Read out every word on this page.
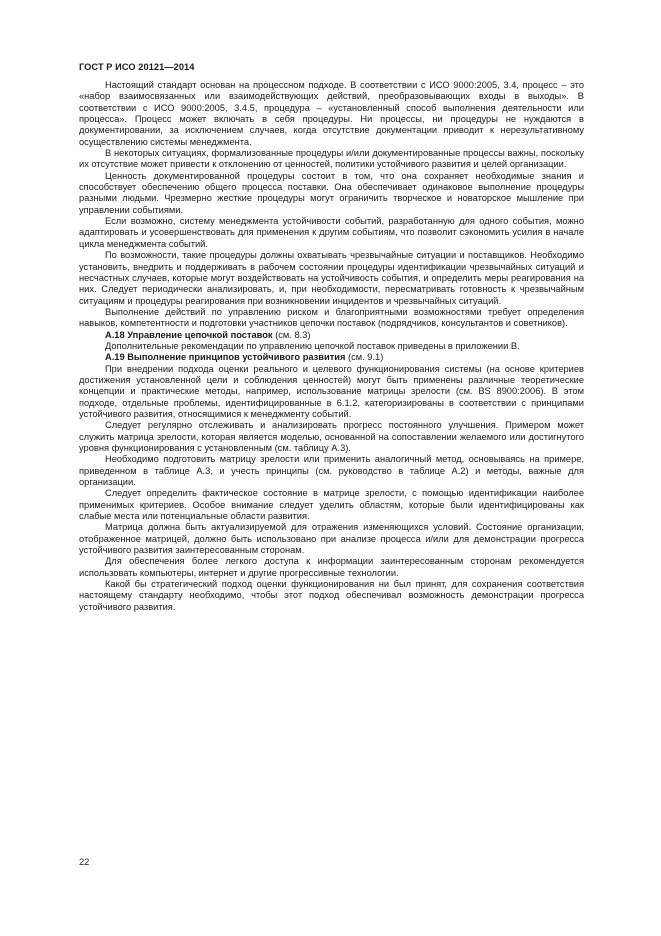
ГОСТ Р ИСО 20121—2014

Настоящий стандарт основан на процессном подходе. В соответствии с ИСО 9000:2005, 3.4, процесс – это «набор взаимосвязанных или взаимодействующих действий, преобразовывающих входы в выходы». В соответствии с ИСО 9000:2005, 3.4.5, процедура – «установленный способ выполнения деятельности или процесса». Процесс может включать в себя процедуры. Ни процессы, ни процедуры не нуждаются в документировании, за исключением случаев, когда отсутствие документации приводит к нерезультативному осуществлению системы менеджмента.

В некоторых ситуациях, формализованные процедуры и/или документированные процессы важны, поскольку их отсутствие может привести к отклонению от ценностей, политики устойчивого развития и целей организации.

Ценность документированной процедуры состоит в том, что она сохраняет необходимые знания и способствует обеспечению общего процесса поставки. Она обеспечивает одинаковое выполнение процедуры разными людьми. Чрезмерно жесткие процедуры могут ограничить творческое и новаторское мышление при управлении событиями.

Если возможно, систему менеджмента устойчивости событий, разработанную для одного события, можно адаптировать и усовершенствовать для применения к другим событиям, что позволит сэкономить усилия в начале цикла менеджмента событий.

По возможности, такие процедуры должны охватывать чрезвычайные ситуации и поставщиков. Необходимо установить, внедрить и поддерживать в рабочем состоянии процедуры идентификации чрезвычайных ситуаций и несчастных случаев, которые могут воздействовать на устойчивость события, и определить меры реагирования на них. Следует периодически анализировать, и, при необходимости, пересматривать готовность к чрезвычайным ситуациям и процедуры реагирования при возникновении инцидентов и чрезвычайных ситуаций.

Выполнение действий по управлению риском и благоприятными возможностями требует определения навыков, компетентности и подготовки участников цепочки поставок (подрядчиков, консультантов и советников).

А.18 Управление цепочкой поставок (см. 8.3)

Дополнительные рекомендации по управлению цепочкой поставок приведены в приложении В.

А.19 Выполнение принципов устойчивого развития (см. 9.1)

При внедрении подхода оценки реального и целевого функционирования системы (на основе критериев достижения установленной цели и соблюдения ценностей) могут быть применены различные теоретические концепции и практические методы, например, использование матрицы зрелости (см. BS 8900:2006). В этом подходе, отдельные проблемы, идентифицированные в 6.1.2, категоризированы в соответствии с принципами устойчивого развития, относящимися к менеджменту событий.

Следует регулярно отслеживать и анализировать прогресс постоянного улучшения. Примером может служить матрица зрелости, которая является моделью, основанной на сопоставлении желаемого или достигнутого уровня функционирования с установленным (см. таблицу А.3).

Необходимо подготовить матрицу зрелости или применить аналогичный метод, основываясь на примере, приведенном в таблице А.3, и учесть принципы (см. руководство в таблице А.2) и методы, важные для организации.

Следует определить фактическое состояние в матрице зрелости, с помощью идентификации наиболее применимых критериев. Особое внимание следует уделить областям, которые были идентифицированы как слабые места или потенциальные области развития.

Матрица должна быть актуализируемой для отражения изменяющихся условий. Состояние организации, отображенное матрицей, должно быть использовано при анализе процесса и/или для демонстрации прогресса устойчивого развития заинтересованным сторонам.

Для обеспечения более легкого доступа к информации заинтересованным сторонам рекомендуется использовать компьютеры, интернет и другие прогрессивные технологии.

Какой бы стратегический подход оценки функционирования ни был принят, для сохранения соответствия настоящему стандарту необходимо, чтобы этот подход обеспечивал возможность демонстрации прогресса устойчивого развития.

22
